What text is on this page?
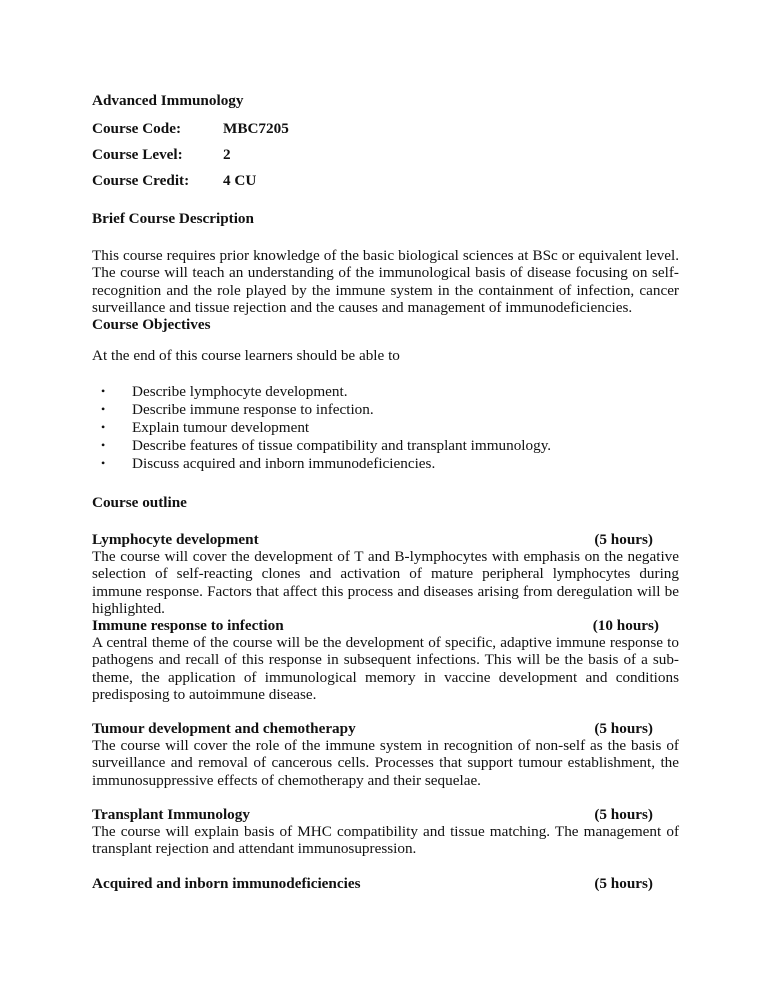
Advanced Immunology
Course Code:	MBC7205
Course Level:	2
Course Credit: 4 CU
Brief Course Description
This course requires prior knowledge of the basic biological sciences at BSc or equivalent level. The course will teach an understanding of the immunological basis of disease focusing on self-recognition and the role played by the immune system in the containment of infection, cancer surveillance and tissue rejection and the causes and management of immunodeficiencies.
Course Objectives
At the end of this course learners should be able to
• Describe lymphocyte development.
• Describe immune response to infection.
• Explain tumour development
• Describe features of tissue compatibility and transplant immunology.
• Discuss acquired and inborn immunodeficiencies.
Course outline
Lymphocyte development	(5 hours)
The course will cover the development of T and B-lymphocytes with emphasis on the negative selection of self-reacting clones and activation of mature peripheral lymphocytes during immune response. Factors that affect this process and diseases arising from deregulation will be highlighted.
Immune response to infection	(10 hours)
A central theme of the course will be the development of specific, adaptive immune response to pathogens and recall of this response in subsequent infections. This will be the basis of a sub-theme, the application of immunological memory in vaccine development and conditions predisposing to autoimmune disease.
Tumour development and chemotherapy	(5 hours)
The course will cover the role of the immune system in recognition of non-self as the basis of surveillance and removal of cancerous cells. Processes that support tumour establishment, the immunosuppressive effects of chemotherapy and their sequelae.
Transplant Immunology	(5 hours)
The course will explain basis of MHC compatibility and tissue matching. The management of transplant rejection and attendant immunosupression.
Acquired and inborn immunodeficiencies	(5 hours)
